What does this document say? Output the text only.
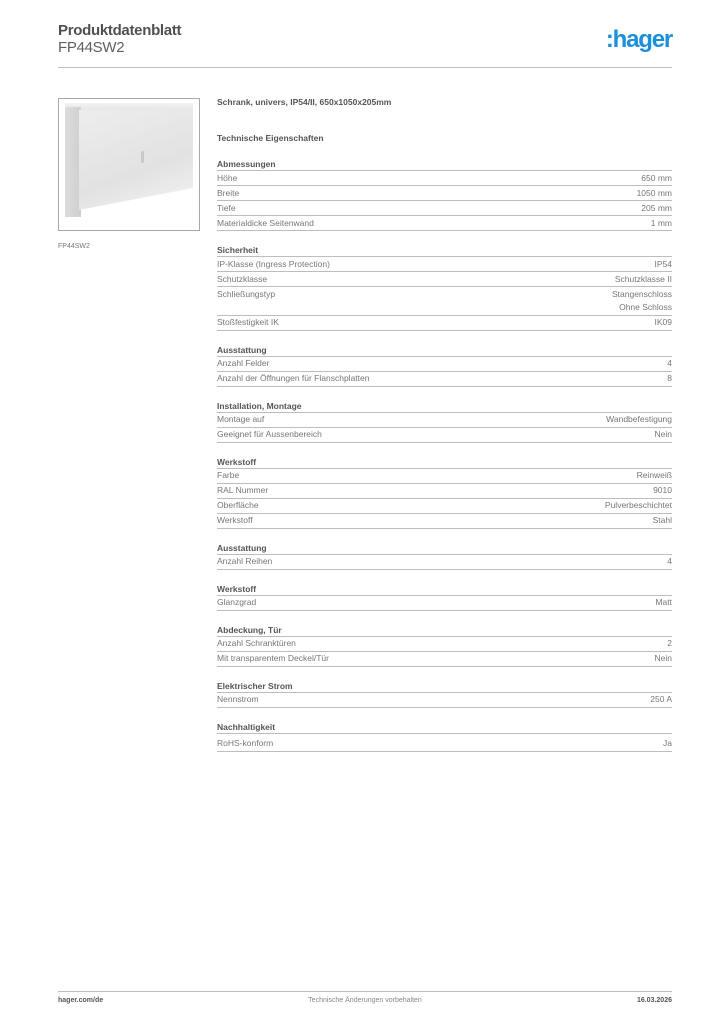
Produktdatenblatt
FP44SW2	:hager
FP44SW2
Schrank, univers, IP54/II, 650x1050x205mm
Technische Eigenschaften
Abmessungen
Höhe	650 mm
Breite	1050 mm
Tiefe	205 mm
Materialdicke Seitenwand	1 mm
Sicherheit
IP-Klasse (Ingress Protection)	IP54
Schutzklasse	Schutzklasse II
Schließungstyp	Stangenschloss
Ohne Schloss
Stoßfestigkeit IK	IK09
Ausstattung
Anzahl Felder	4
Anzahl der Öffnungen für Flanschplatten	8
Installation, Montage
Montage auf	Wandbefestigung
Geeignet für Aussenbereich	Nein
Werkstoff
Farbe	Reinweiß
RAL Nummer	9010
Oberfläche	Pulverbeschichtet
Werkstoff	Stahl
Ausstattung
Anzahl Reihen	4
Werkstoff
Glanzgrad	Matt
Abdeckung, Tür
Anzahl Schranktüren	2
Mit transparentem Deckel/Tür	Nein
Elektrischer Strom
Nennstrom	250 A
Nachhaltigkeit
RoHS-konform	Ja
Technische Änderungen vorbehalten
hager.com/de	16.03.2026
